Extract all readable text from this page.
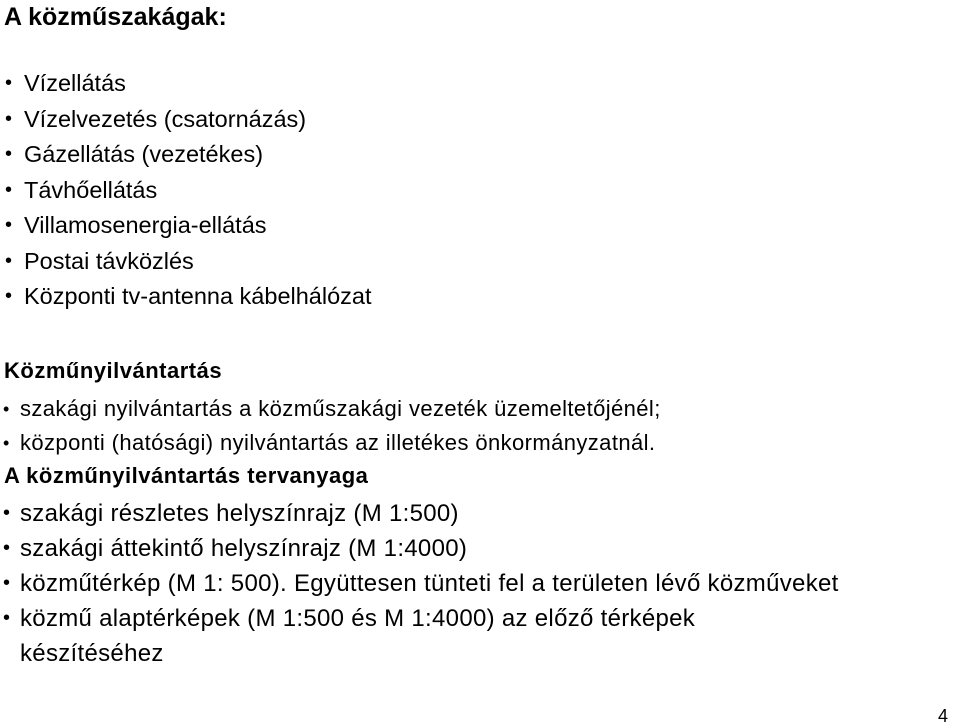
A közműszakágak:
• Vízellátás
• Vízelvezetés (csatornázás)
• Gázellátás (vezetékes)
• Távhőellátás
• Villamosenergia-ellátás
• Postai távközlés
• Központi tv-antenna kábelhálózat
Közműnyilvántartás
• szakági nyilvántartás a közműszakági vezeték üzemeltetőjénél;
• központi (hatósági) nyilvántartás az illetékes önkormányzatnál.
A közműnyilvántartás tervanyaga
• szakági részletes helyszínrajz (M 1:500)
• szakági áttekintő helyszínrajz (M 1:4000)
• közműtérkép (M 1: 500). Együttesen tünteti fel a területen lévő közműveket
• közmű alaptérképek (M 1:500 és M 1:4000) az előző térképek készítéséhez
4
